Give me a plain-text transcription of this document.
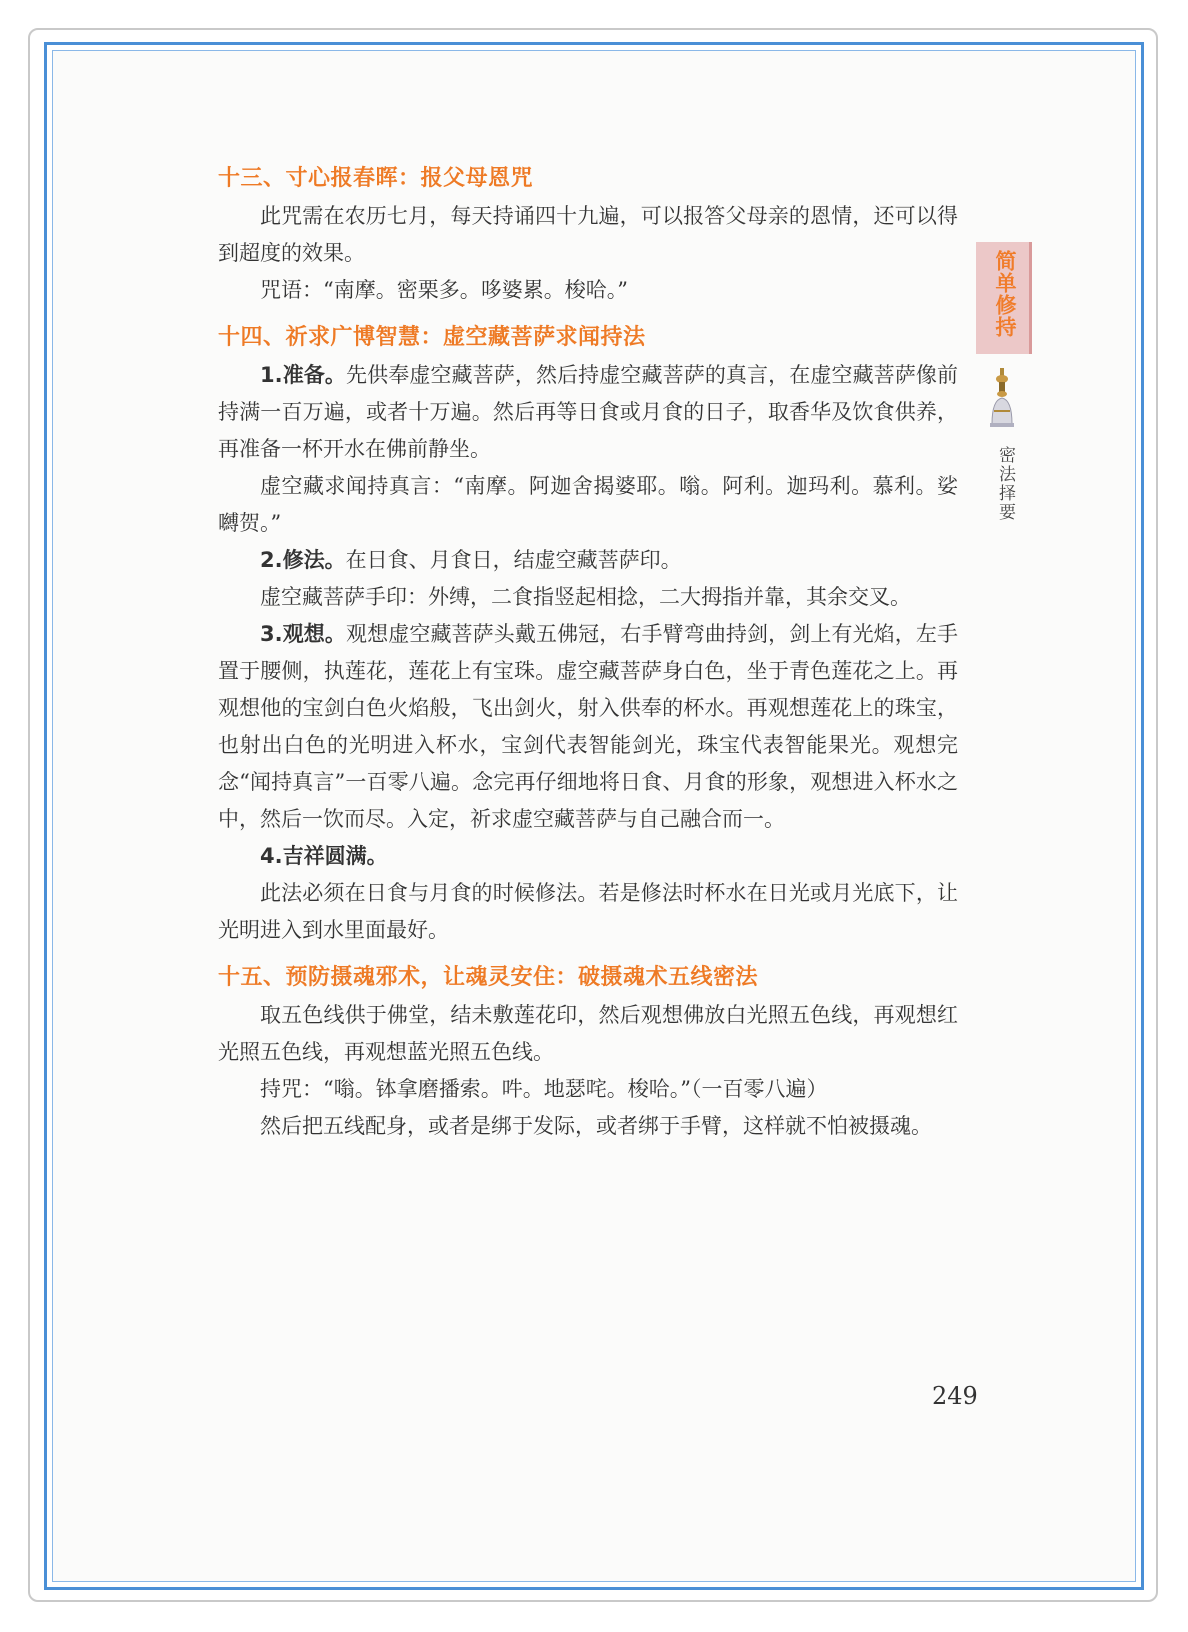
十三、寸心报春晖：报父母恩咒

此咒需在农历七月，每天持诵四十九遍，可以报答父母亲的恩情，还可以得到超度的效果。

咒语：“南摩。密栗多。哆婆累。梭哈。”

十四、祈求广博智慧：虚空藏菩萨求闻持法

1.准备。先供奉虚空藏菩萨，然后持虚空藏菩萨的真言，在虚空藏菩萨像前持满一百万遍，或者十万遍。然后再等日食或月食的日子，取香华及饮食供养，再准备一杯开水在佛前静坐。

虚空藏求闻持真言：“南摩。阿迦舍揭婆耶。嗡。阿利。迦玛利。慕利。娑嚩贺。”

2.修法。在日食、月食日，结虚空藏菩萨印。

虚空藏菩萨手印：外缚，二食指竖起相捻，二大拇指并靠，其余交叉。

3.观想。观想虚空藏菩萨头戴五佛冠，右手臂弯曲持剑，剑上有光焰，左手置于腰侧，执莲花，莲花上有宝珠。虚空藏菩萨身白色，坐于青色莲花之上。再观想他的宝剑白色火焰般，飞出剑火，射入供奉的杯水。再观想莲花上的珠宝，也射出白色的光明进入杯水，宝剑代表智能剑光，珠宝代表智能果光。观想完念“闻持真言”一百零八遍。念完再仔细地将日食、月食的形象，观想进入杯水之中，然后一饮而尽。入定，祈求虚空藏菩萨与自己融合而一。

4.吉祥圆满。

此法必须在日食与月食的时候修法。若是修法时杯水在日光或月光底下，让光明进入到水里面最好。

十五、预防摄魂邪术，让魂灵安住：破摄魂术五线密法

取五色线供于佛堂，结未敷莲花印，然后观想佛放白光照五色线，再观想红光照五色线，再观想蓝光照五色线。

持咒：“嗡。钵拿磨播索。吽。地瑟咤。梭哈。”（一百零八遍）

然后把五线配身，或者是绑于发际，或者绑于手臂，这样就不怕被摄魂。

简单修持
密法择要
249
